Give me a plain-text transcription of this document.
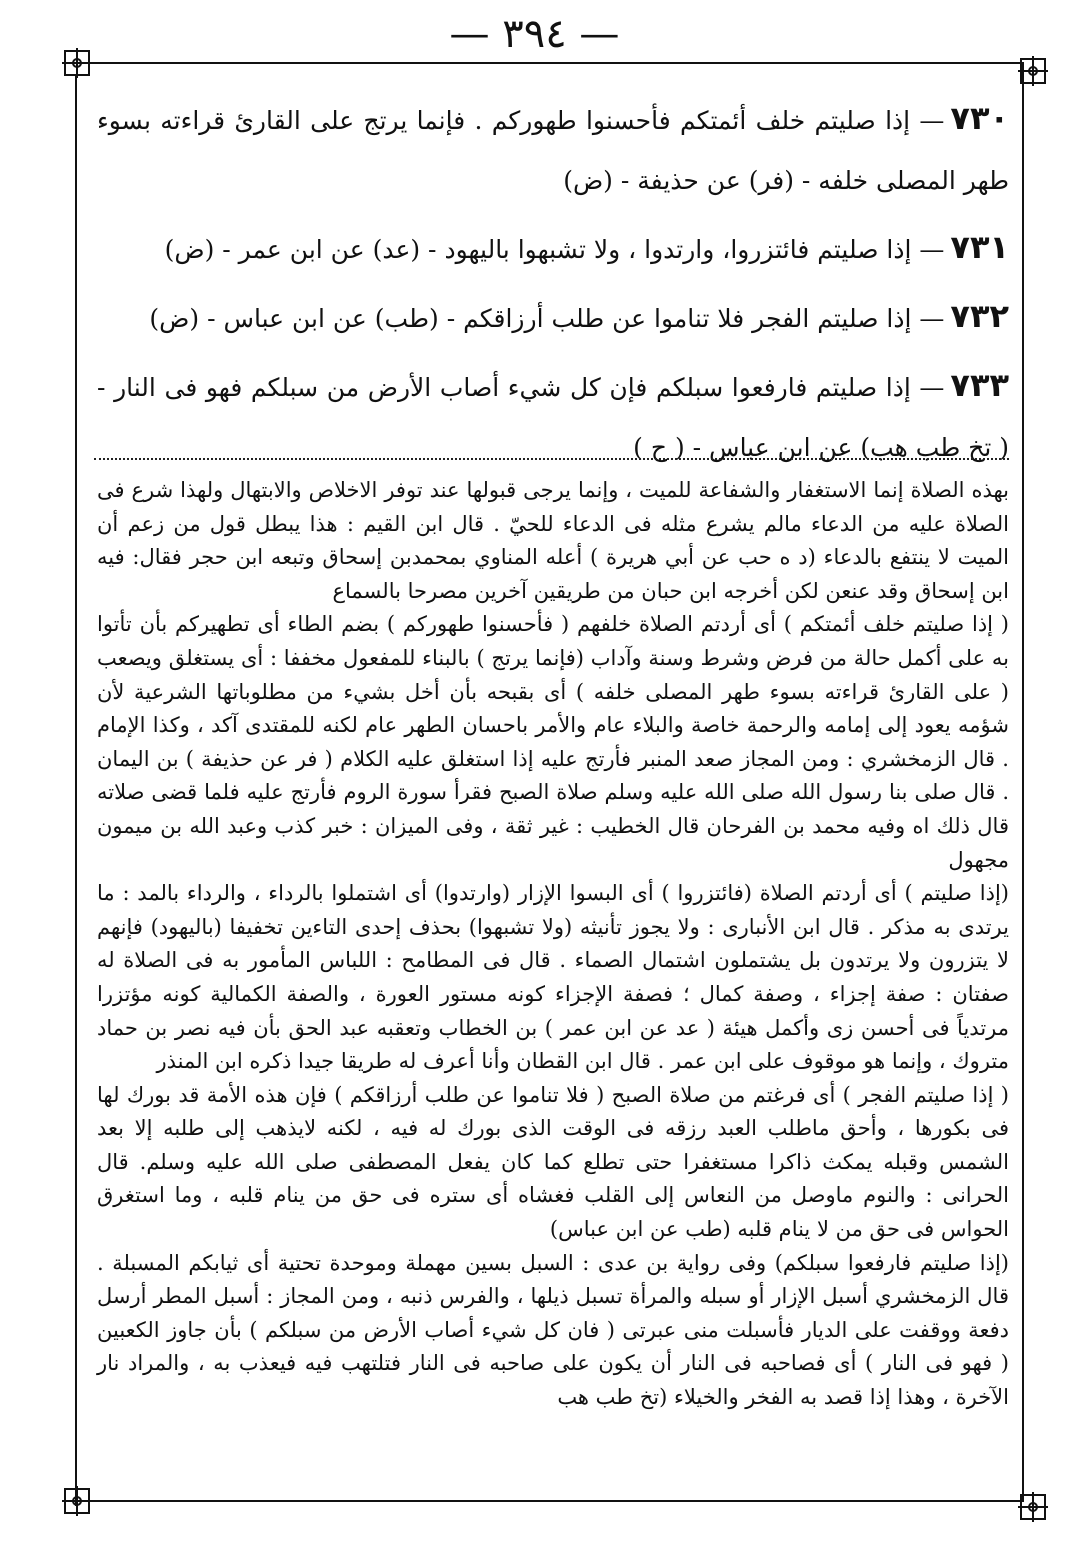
— ٣٩٤ —

٧٣٠— إذا صليتم خلف أئمتكم فأحسنوا طهوركم . فإنما يرتج على القارئ قراءته بسوء طهر المصلى خلفه - (فر) عن حذيفة - (ض)

٧٣١— إذا صليتم فائتزروا، وارتدوا ، ولا تشبهوا باليهود - (عد) عن ابن عمر - (ض)

٧٣٢— إذا صليتم الفجر فلا تناموا عن طلب أرزاقكم - (طب) عن ابن عباس - (ض)

٧٣٣— إذا صليتم فارفعوا سبلكم فإن كل شيء أصاب الأرض من سبلكم فهو فى النار - ( تخ طب هب) عن ابن عباس - ( ح )

بهذه الصلاة إنما الاستغفار والشفاعة للميت ، وإنما يرجى قبولها عند توفر الاخلاص والابتهال ولهذا شرع فى الصلاة عليه من الدعاء مالم يشرع مثله فى الدعاء للحيّ . قال ابن القيم : هذا يبطل قول من زعم أن الميت لا ينتفع بالدعاء (د ه حب عن أبي هريرة ) أعله المناوي بمحمدبن إسحاق وتبعه ابن حجر فقال: فيه ابن إسحاق وقد عنعن لكن أخرجه ابن حبان من طريقين آخرين مصرحا بالسماع

( إذا صليتم خلف أئمتكم ) أى أردتم الصلاة خلفهم ( فأحسنوا طهوركم ) بضم الطاء أى تطهيركم بأن تأتوا به على أكمل حالة من فرض وشرط وسنة وآداب (فإنما يرتج ) بالبناء للمفعول مخففا : أى يستغلق ويصعب ( على القارئ قراءته بسوء طهر المصلى خلفه ) أى بقبحه بأن أخل بشيء من مطلوباتها الشرعية لأن شؤمه يعود إلى إمامه والرحمة خاصة والبلاء عام والأمر باحسان الطهر عام لكنه للمقتدى آكد ، وكذا الإمام . قال الزمخشري : ومن المجاز صعد المنبر فأرتج عليه إذا استغلق عليه الكلام ( فر عن حذيفة ) بن اليمان . قال صلى بنا رسول الله صلى الله عليه وسلم صلاة الصبح فقرأ سورة الروم فأرتج عليه فلما قضى صلاته قال ذلك اه وفيه محمد بن الفرحان قال الخطيب : غير ثقة ، وفى الميزان : خبر كذب وعبد الله بن ميمون مجهول

(إذا صليتم ) أى أردتم الصلاة (فائتزروا ) أى البسوا الإزار (وارتدوا) أى اشتملوا بالرداء ، والرداء بالمد : ما يرتدى به مذكر . قال ابن الأنبارى : ولا يجوز تأنيثه (ولا تشبهوا) بحذف إحدى التاءين تخفيفا (باليهود) فإنهم لا يتزرون ولا يرتدون بل يشتملون اشتمال الصماء . قال فى المطامح : اللباس المأمور به فى الصلاة له صفتان : صفة إجزاء ، وصفة كمال ؛ فصفة الإجزاء كونه مستور العورة ، والصفة الكمالية كونه مؤتزرا مرتدياً فى أحسن زى وأكمل هيئة ( عد عن ابن عمر ) بن الخطاب وتعقبه عبد الحق بأن فيه نصر بن حماد متروك ، وإنما هو موقوف على ابن عمر . قال ابن القطان وأنا أعرف له طريقا جيدا ذكره ابن المنذر

( إذا صليتم الفجر ) أى فرغتم من صلاة الصبح ( فلا تناموا عن طلب أرزاقكم ) فإن هذه الأمة قد بورك لها فى بكورها ، وأحق ماطلب العبد رزقه فى الوقت الذى بورك له فيه ، لكنه لايذهب إلى طلبه إلا بعد الشمس وقبله يمكث ذاكرا مستغفرا حتى تطلع كما كان يفعل المصطفى صلى الله عليه وسلم. قال الحرانى : والنوم ماوصل من النعاس إلى القلب فغشاه أى ستره فى حق من ينام قلبه ، وما استغرق الحواس فى حق من لا ينام قلبه (طب عن ابن عباس)

(إذا صليتم فارفعوا سبلكم) وفى رواية بن عدى : السبل بسين مهملة وموحدة تحتية أى ثيابكم المسبلة . قال الزمخشري أسبل الإزار أو سبله والمرأة تسبل ذيلها ، والفرس ذنبه ، ومن المجاز : أسبل المطر أرسل دفعة ووقفت على الديار فأسبلت منى عبرتى ( فان كل شيء أصاب الأرض من سبلكم ) بأن جاوز الكعبين ( فهو فى النار ) أى فصاحبه فى النار أن يكون على صاحبه فى النار فتلتهب فيه فيعذب به ، والمراد نار الآخرة ، وهذا إذا قصد به الفخر والخيلاء (تخ طب هب
